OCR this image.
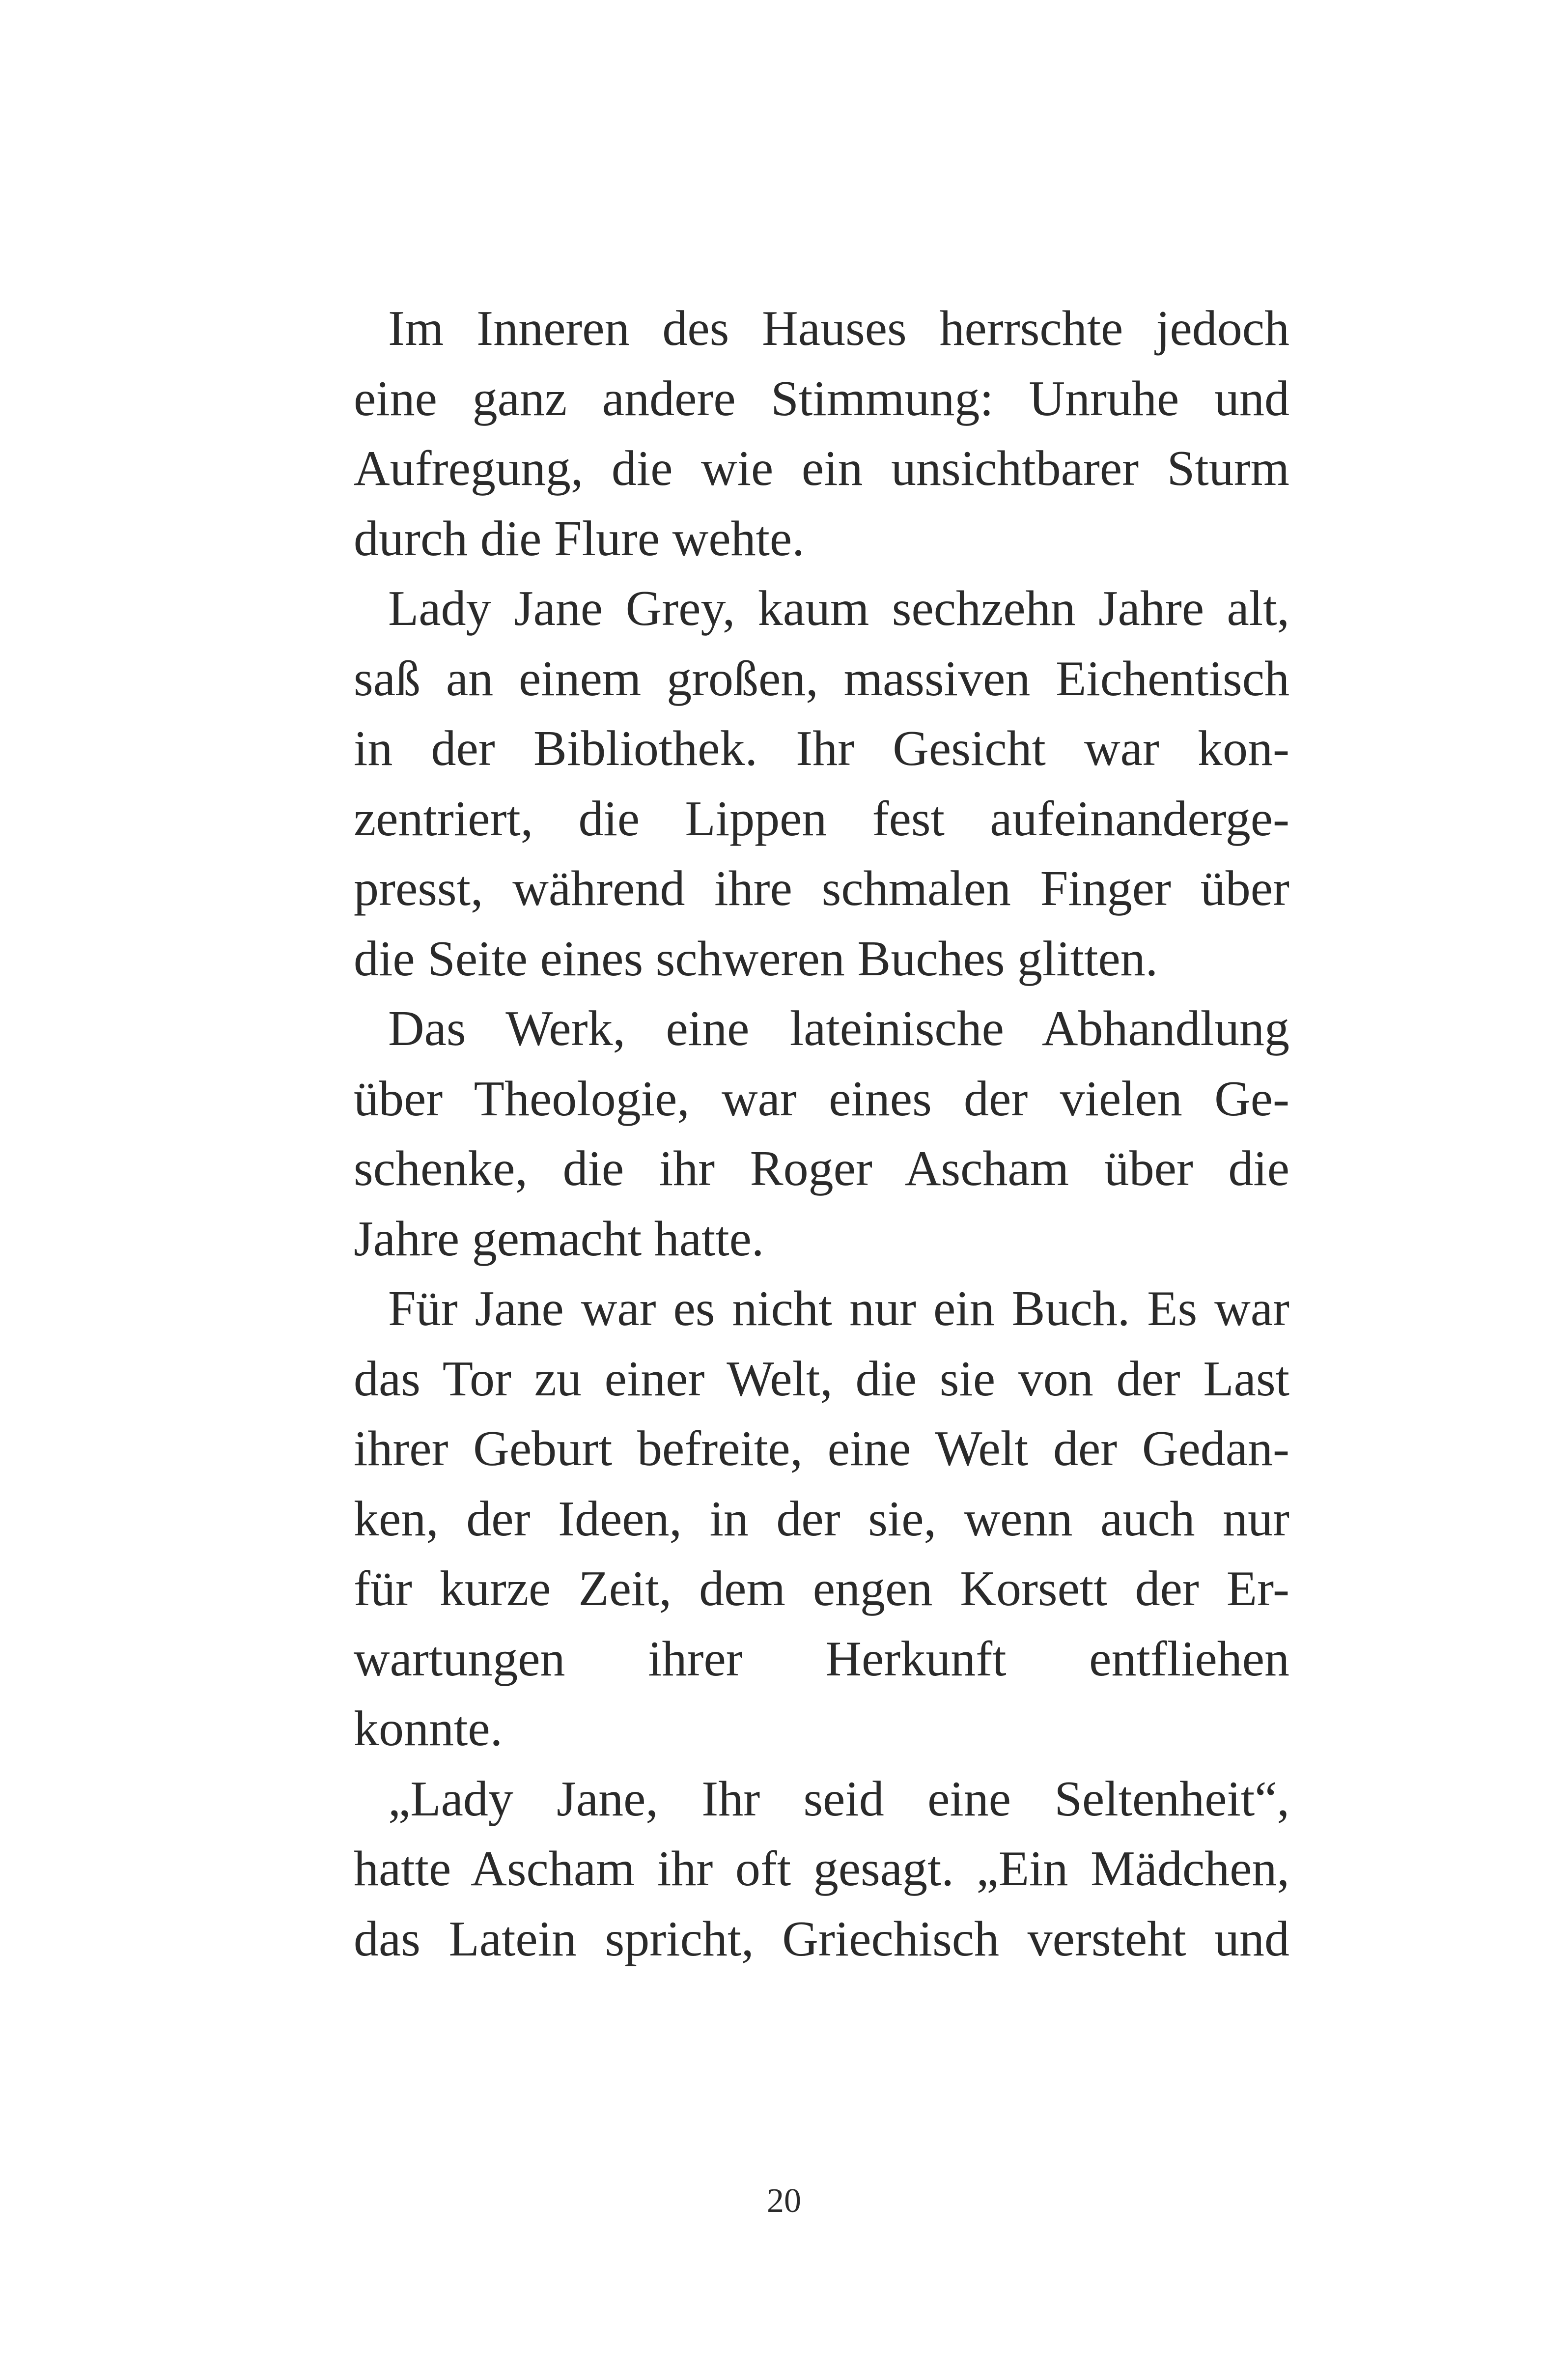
Im Inneren des Hauses herrschte jedoch
eine ganz andere Stimmung: Unruhe und
Aufregung, die wie ein unsichtbarer Sturm
durch die Flure wehte.
Lady Jane Grey, kaum sechzehn Jahre alt,
saß an einem großen, massiven Eichentisch
in der Bibliothek. Ihr Gesicht war kon-
zentriert, die Lippen fest aufeinanderge-
presst, während ihre schmalen Finger über
die Seite eines schweren Buches glitten.
Das Werk, eine lateinische Abhandlung
über Theologie, war eines der vielen Ge-
schenke, die ihr Roger Ascham über die
Jahre gemacht hatte.
Für Jane war es nicht nur ein Buch. Es war
das Tor zu einer Welt, die sie von der Last
ihrer Geburt befreite, eine Welt der Gedan-
ken, der Ideen, in der sie, wenn auch nur
für kurze Zeit, dem engen Korsett der Er-
wartungen ihrer Herkunft entfliehen
konnte.
„Lady Jane, Ihr seid eine Seltenheit“,
hatte Ascham ihr oft gesagt. „Ein Mädchen,
das Latein spricht, Griechisch versteht und
20
